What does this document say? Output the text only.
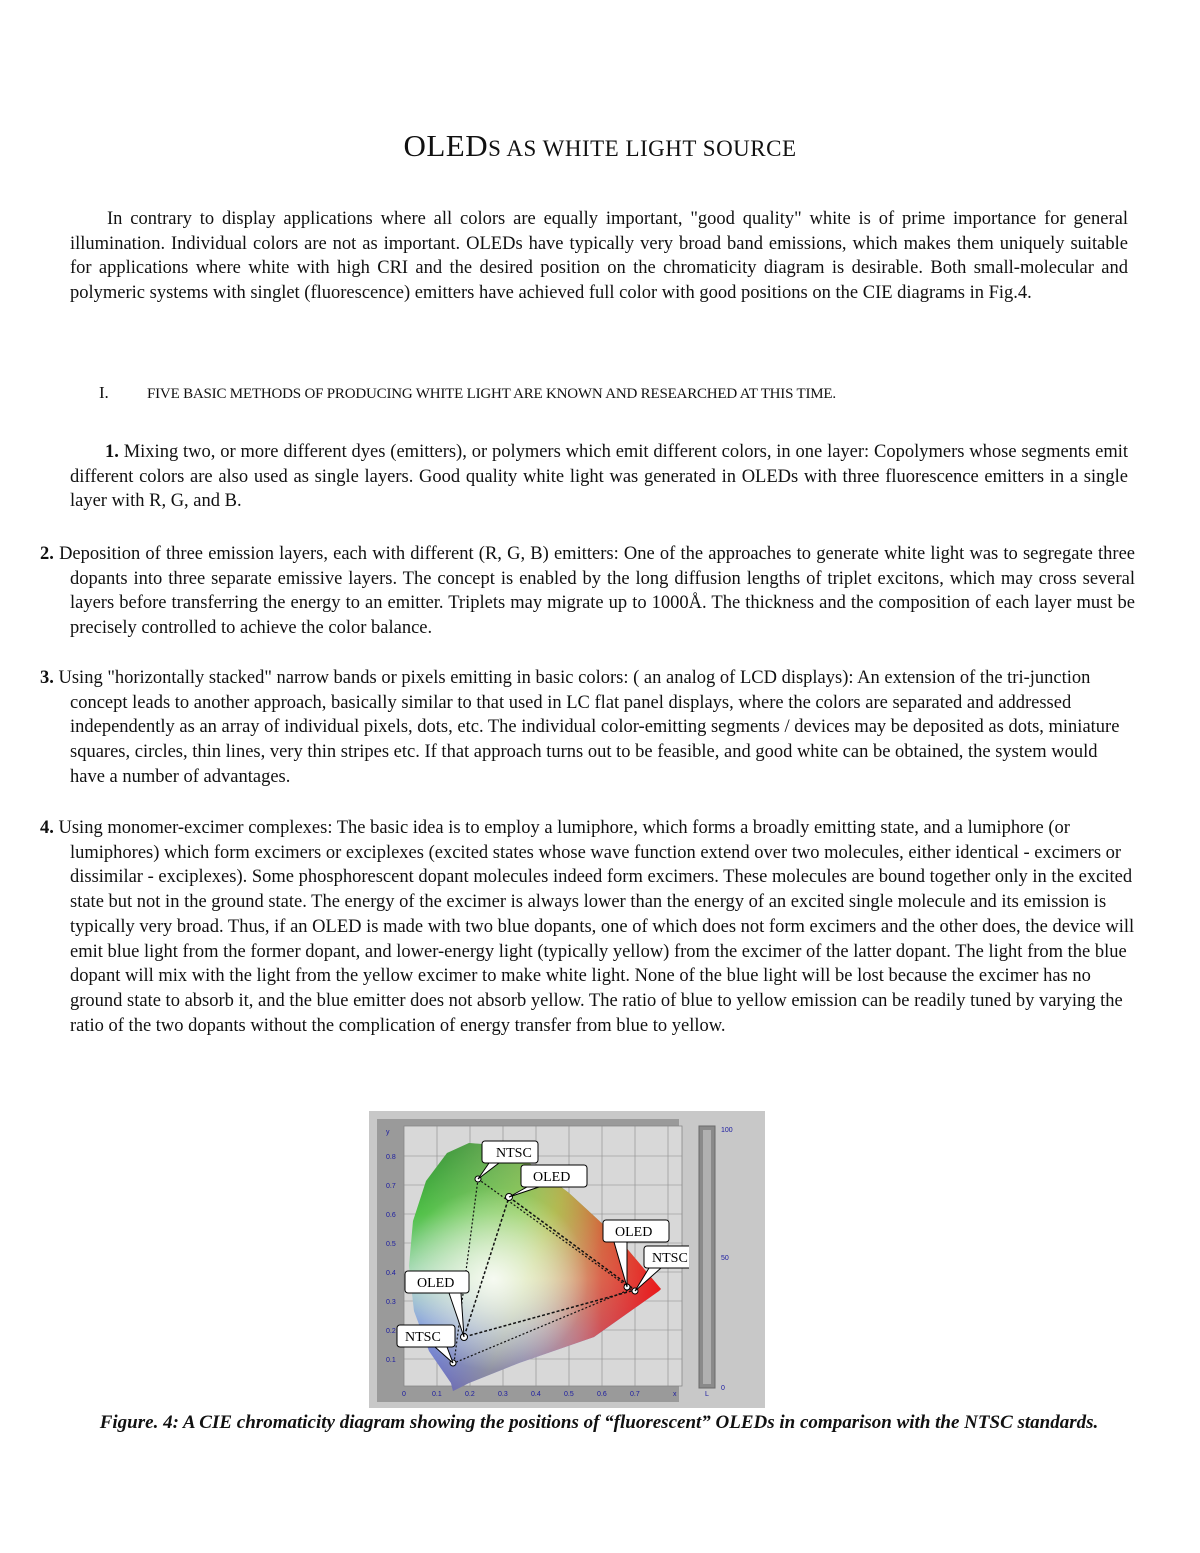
OLEDS AS WHITE LIGHT SOURCE

In contrary to display applications where all colors are equally important, "good quality" white is of prime importance for general illumination. Individual colors are not as important. OLEDs have typically very broad band emissions, which makes them uniquely suitable for applications where white with high CRI and the desired position on the chromaticity diagram is desirable. Both small-molecular and polymeric systems with singlet (fluorescence) emitters have achieved full color with good positions on the CIE diagrams in Fig.4.

I.	FIVE BASIC METHODS OF PRODUCING WHITE LIGHT ARE KNOWN AND RESEARCHED AT THIS TIME.

1. Mixing two, or more different dyes (emitters), or polymers which emit different colors, in one layer: Copolymers whose segments emit different colors are also used as single layers. Good quality white light was generated in OLEDs with three fluorescence emitters in a single layer with R, G, and B.

2. Deposition of three emission layers, each with different (R, G, B) emitters: One of the approaches to generate white light was to segregate three dopants into three separate emissive layers. The concept is enabled by the long diffusion lengths of triplet excitons, which may cross several layers before transferring the energy to an emitter. Triplets may migrate up to 1000Å. The thickness and the composition of each layer must be precisely controlled to achieve the color balance.

3. Using "horizontally stacked" narrow bands or pixels emitting in basic colors: ( an analog of LCD displays): An extension of the tri-junction concept leads to another approach, basically similar to that used in LC flat panel displays, where the colors are separated and addressed independently as an array of individual pixels, dots, etc. The individual color-emitting segments / devices may be deposited as dots, miniature squares, circles, thin lines, very thin stripes etc. If that approach turns out to be feasible, and good white can be obtained, the system would have a number of advantages.

4. Using monomer-excimer complexes: The basic idea is to employ a lumiphore, which forms a broadly emitting state, and a lumiphore (or lumiphores) which form excimers or exciplexes (excited states whose wave function extend over two molecules, either identical - excimers or dissimilar - exciplexes). Some phosphorescent dopant molecules indeed form excimers. These molecules are bound together only in the excited state but not in the ground state. The energy of the excimer is always lower than the energy of an excited single molecule and its emission is typically very broad. Thus, if an OLED is made with two blue dopants, one of which does not form excimers and the other does, the device will emit blue light from the former dopant, and lower-energy light (typically yellow) from the excimer of the latter dopant. The light from the blue dopant will mix with the light from the yellow excimer to make white light. None of the blue light will be lost because the excimer has no ground state to absorb it, and the blue emitter does not absorb yellow. The ratio of blue to yellow emission can be readily tuned by varying the ratio of the two dopants without the complication of energy transfer from blue to yellow.

NTSC
OLED
OLED
NTSC
OLED
NTSC
y
0.8
0.7
0.6
0.5
0.4
0.3
0.2
0.1
0	0.1	0.2	0.3	0.4	0.5	0.6	0.7	x
100
50
0
L
Figure. 4: A CIE chromaticity diagram showing the positions of “fluorescent” OLEDs in comparison with the NTSC standards.
